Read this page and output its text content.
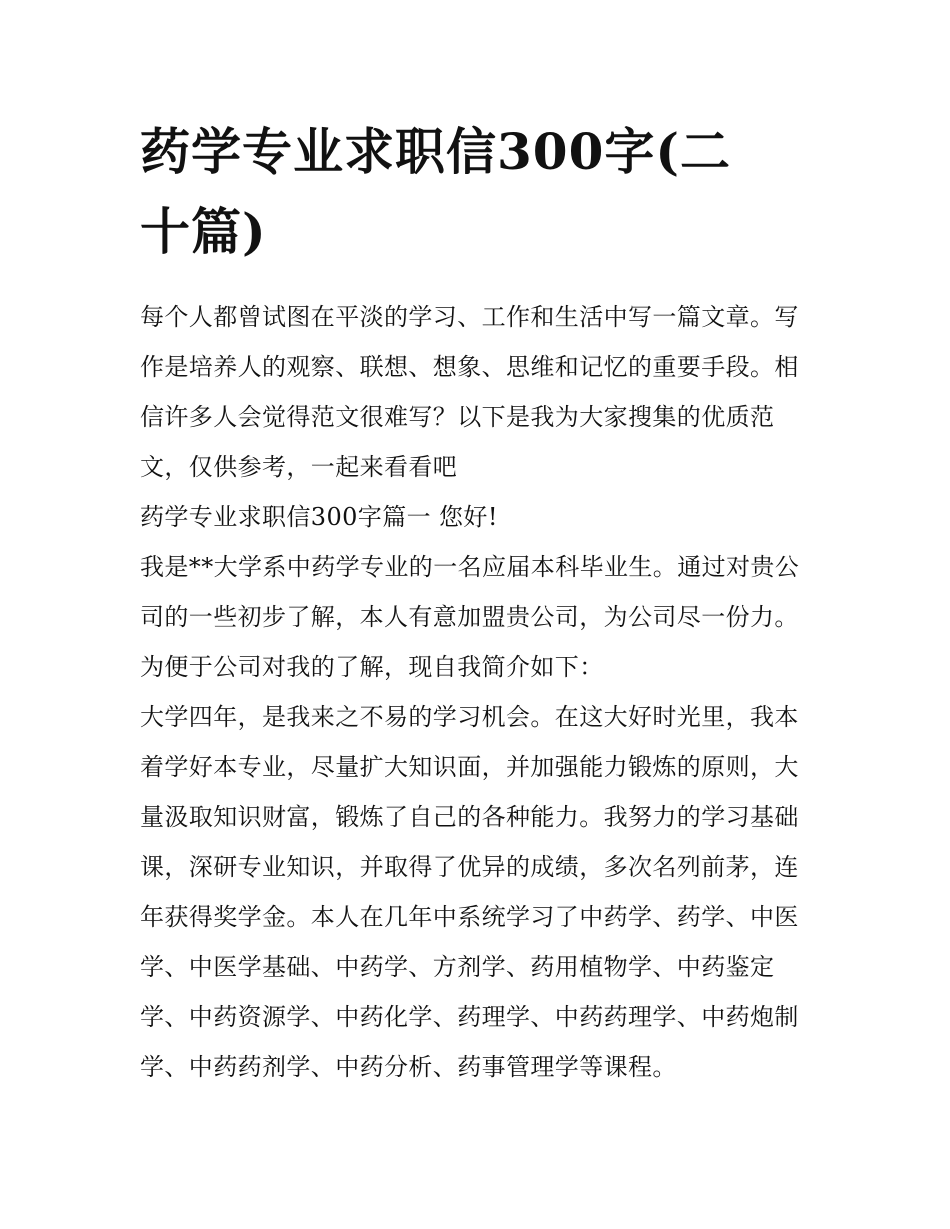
药学专业求职信300字(二十篇)

每个人都曾试图在平淡的学习、工作和生活中写一篇文章。写作是培养人的观察、联想、想象、思维和记忆的重要手段。相信许多人会觉得范文很难写？以下是我为大家搜集的优质范文，仅供参考，一起来看看吧

药学专业求职信300字篇一 您好!

我是**大学系中药学专业的一名应届本科毕业生。通过对贵公司的一些初步了解，本人有意加盟贵公司，为公司尽一份力。为便于公司对我的了解，现自我简介如下：

大学四年，是我来之不易的学习机会。在这大好时光里，我本着学好本专业，尽量扩大知识面，并加强能力锻炼的原则，大量汲取知识财富，锻炼了自己的各种能力。我努力的学习基础课，深研专业知识，并取得了优异的成绩，多次名列前茅，连年获得奖学金。本人在几年中系统学习了中药学、药学、中医学、中医学基础、中药学、方剂学、药用植物学、中药鉴定学、中药资源学、中药化学、药理学、中药药理学、中药炮制学、中药药剂学、中药分析、药事管理学等课程。
